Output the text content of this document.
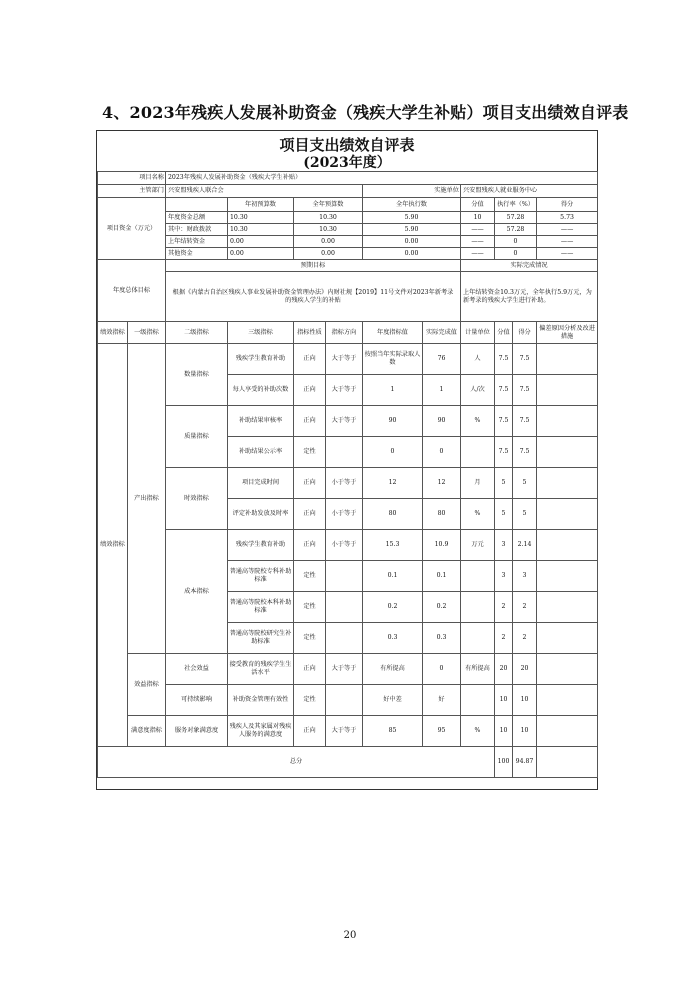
4、2023年残疾人发展补助资金（残疾大学生补贴）项目支出绩效自评表
项目支出绩效自评表
(2023年度）
项目名称		2023年残疾人发展补助资金（残疾大学生补贴）									
主管部门		兴安盟残疾人联合会				实施单位		兴安盟残疾人就业服务中心			
项目资金（万元）			年初预算数	全年预算数		全年执行数		分值	执行率（%）		得分
		年度资金总额	10.30	10.30		5.90		10	57.28		5.73
		其中：财政拨款	10.30	10.30		5.90		——	57.28		——
		上年结转资金	0.00	0.00		0.00		——	0		——
		其他资金	0.00	0.00		0.00		——	0		——
年度总体目标		预期目标						实际完成情况			
		根据《内蒙古自治区残疾人事业发展补助资金管理办法》内财社规【2019】11号文件对2023年新考录的残疾人学生的补贴						上年结转资金10.3万元，全年执行5.9万元，为新考录的残疾大学生进行补助。			
绩效指标	一级指标	二级指标	三级指标	指标性质	指标方向	年度指标值	实际完成值	计量单位	分值	得分	偏差原因分析及改进措施
绩效指标	产出指标	数量指标	残疾学生教育补助	正向	大于等于	按照当年实际录取人数	76	人	7.5	7.5	
			每人享受的补助次数	正向	大于等于	1	1	人/次	7.5	7.5	
		质量指标	补助结果审核率	正向	大于等于	90	90	%	7.5	7.5	
			补助结果公示率	定性		0	0		7.5	7.5	
		时效指标	项目完成时间	正向	小于等于	12	12	月	5	5	
			评定补助发放及时率	正向	小于等于	80	80	%	5	5	
		成本指标	残疾学生教育补助	正向	小于等于	15.3	10.9	万元	3	2.14	
			普通高等院校专科补助标准	定性		0.1	0.1		3	3	
			普通高等院校本科补助标准	定性		0.2	0.2		2	2	
			普通高等院校研究生补助标准	定性		0.3	0.3		2	2	
	效益指标	社会效益	接受教育的残疾学生生活水平	正向	大于等于	有所提高	0	有所提高	20	20	
		可持续影响	补助资金管理有效性	定性		好中差	好		10	10	
	满意度指标	服务对象满意度	残疾人及其家属对残疾人服务的满意度	正向	大于等于	85	95	%	10	10	
总分									100	94.87	
20
